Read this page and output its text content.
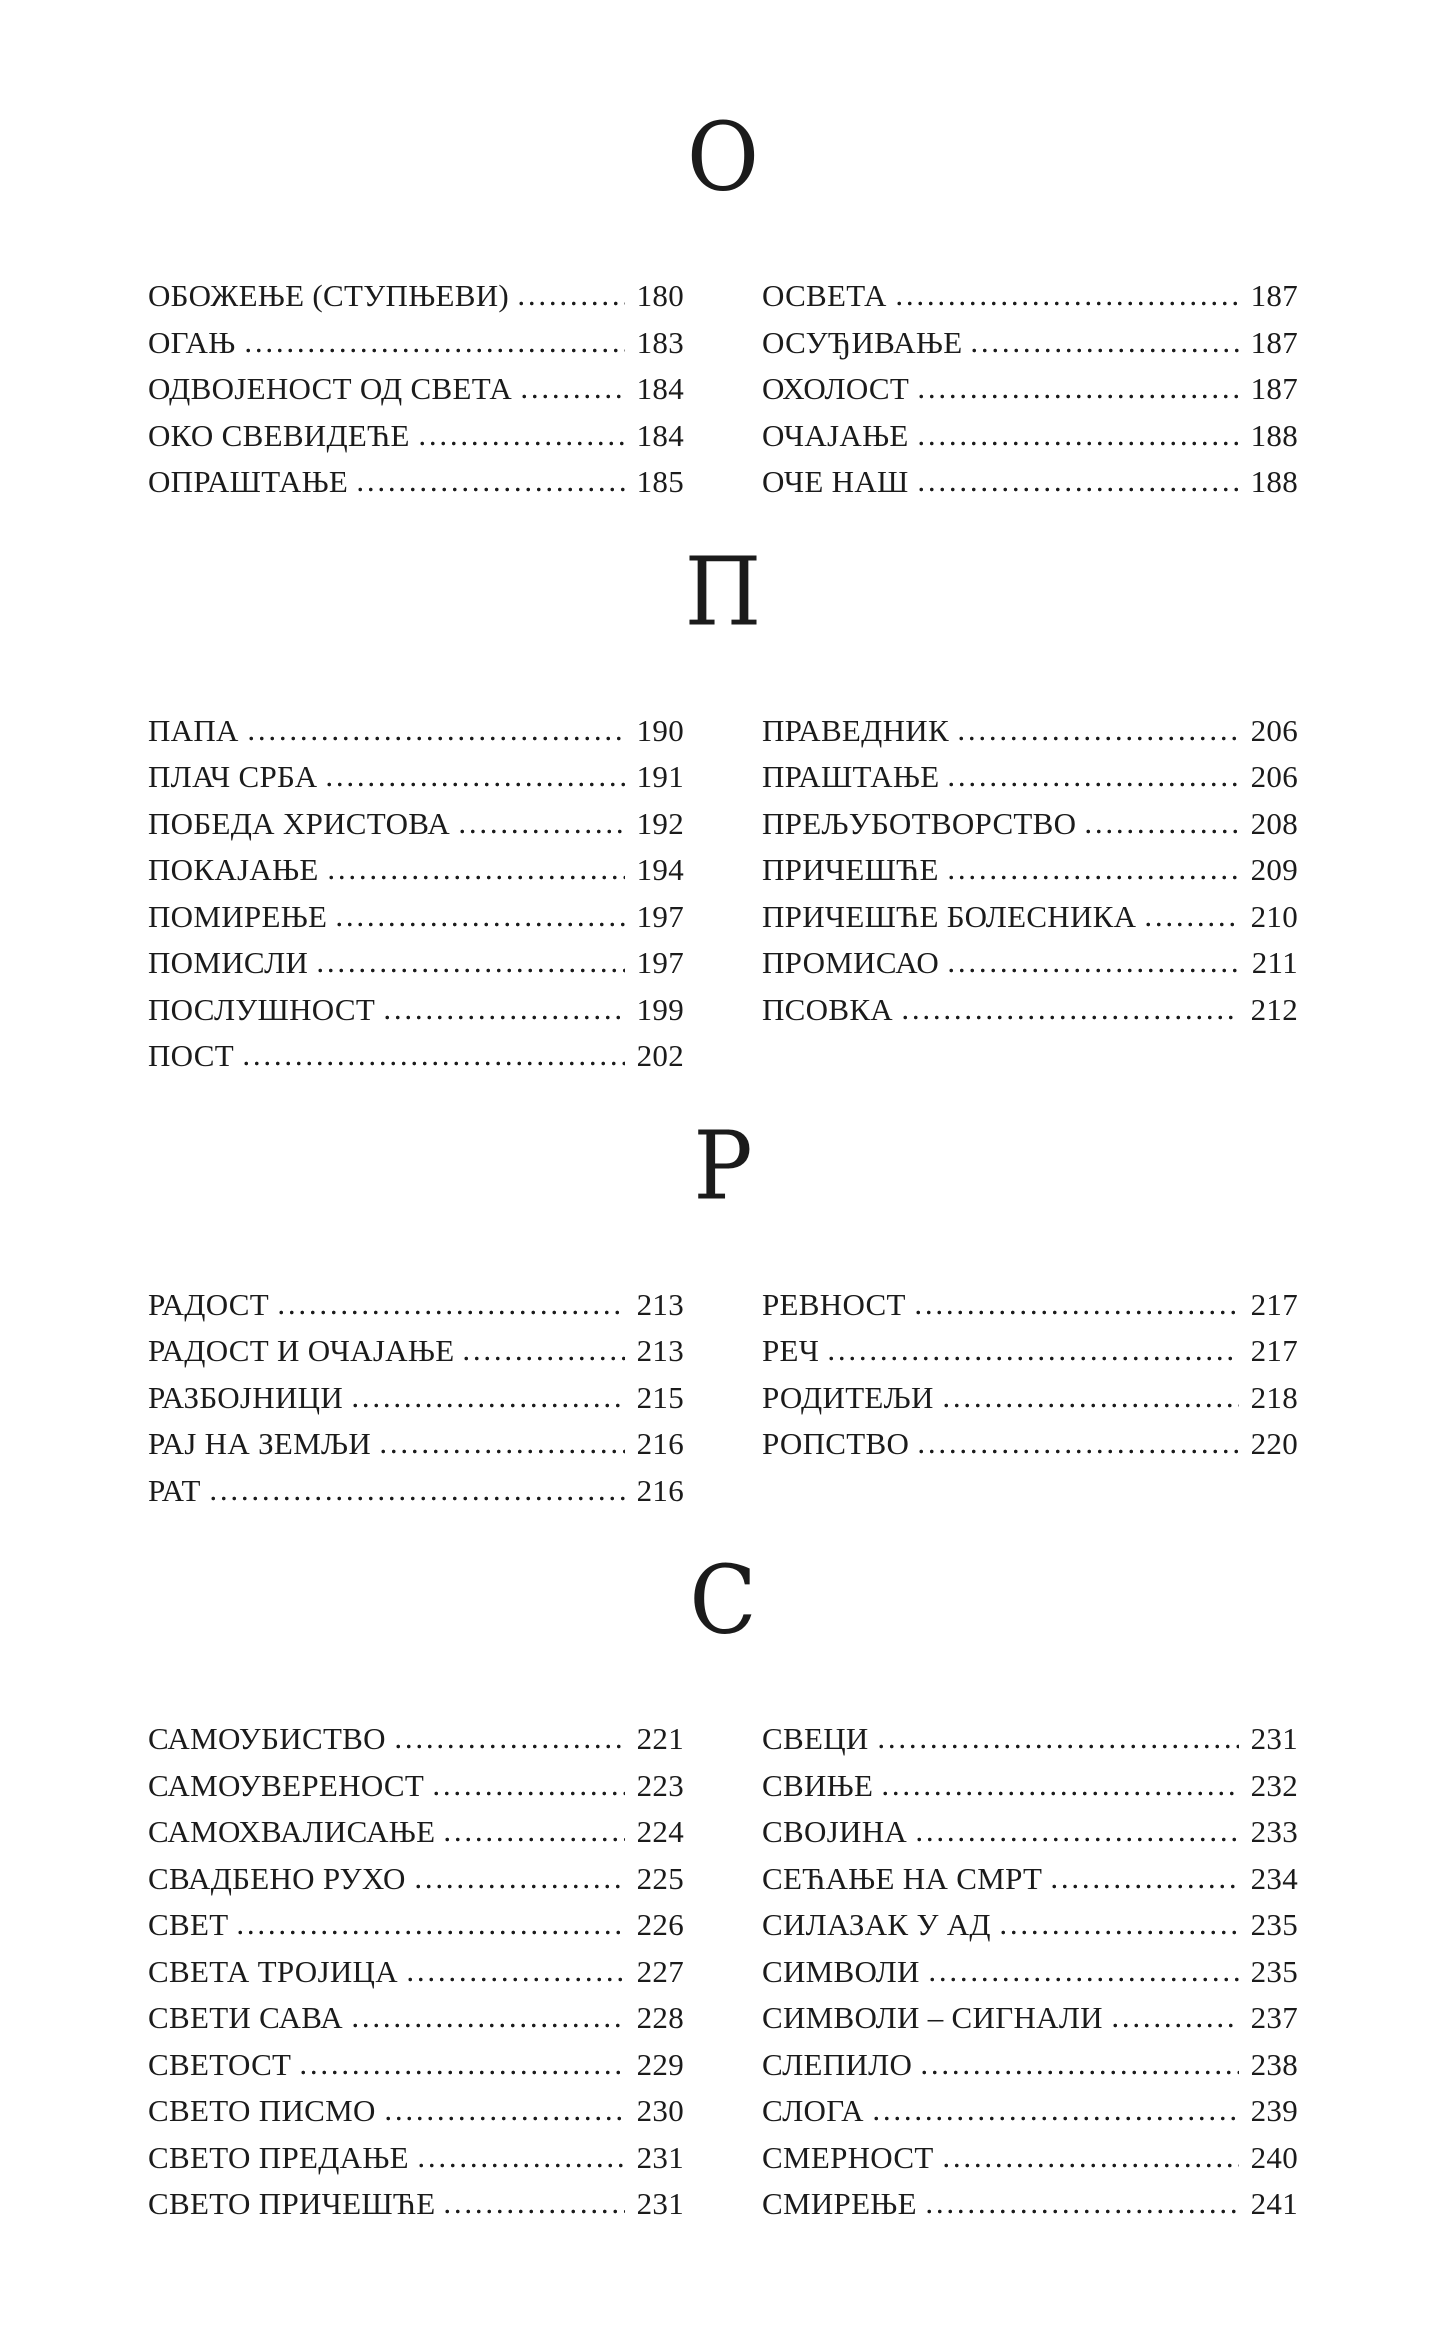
О
ОБОЖЕЊЕ (СТУПЊЕВИ)	180
ОГАЊ	183
ОДВОЈЕНОСТ ОД СВЕТА	184
ОКО СВЕВИДЕЋЕ	184
ОПРАШТАЊЕ	185
ОСВЕТА	187
ОСУЂИВАЊЕ	187
ОХОЛОСТ	187
ОЧАЈАЊЕ	188
ОЧЕ НАШ	188
П
ПАПА	190
ПЛАЧ СРБА	191
ПОБЕДА ХРИСТОВА	192
ПОКАЈАЊЕ	194
ПОМИРЕЊЕ	197
ПОМИСЛИ	197
ПОСЛУШНОСТ	199
ПОСТ	202
ПРАВЕДНИК	206
ПРАШТАЊЕ	206
ПРЕЉУБОТВОРСТВО	208
ПРИЧЕШЋЕ	209
ПРИЧЕШЋЕ БОЛЕСНИКА	210
ПРОМИСАО	211
ПСОВКА	212
Р
РАДОСТ	213
РАДОСТ И ОЧАЈАЊЕ	213
РАЗБОЈНИЦИ	215
РАЈ НА ЗЕМЉИ	216
РАТ	216
РЕВНОСТ	217
РЕЧ	217
РОДИТЕЉИ	218
РОПСТВО	220
С
САМОУБИСТВО	221
САМОУВЕРЕНОСТ	223
САМОХВАЛИСАЊЕ	224
СВАДБЕНО РУХО	225
СВЕТ	226
СВЕТА ТРОЈИЦА	227
СВЕТИ САВА	228
СВЕТОСТ	229
СВЕТО ПИСМО	230
СВЕТО ПРЕДАЊЕ	231
СВЕТО ПРИЧЕШЋЕ	231
СВЕЦИ	231
СВИЊЕ	232
СВОЈИНА	233
СЕЋАЊЕ НА СМРТ	234
СИЛАЗАК У АД	235
СИМВОЛИ	235
СИМВОЛИ – СИГНАЛИ	237
СЛЕПИЛО	238
СЛОГА	239
СМЕРНОСТ	240
СМИРЕЊЕ	241
